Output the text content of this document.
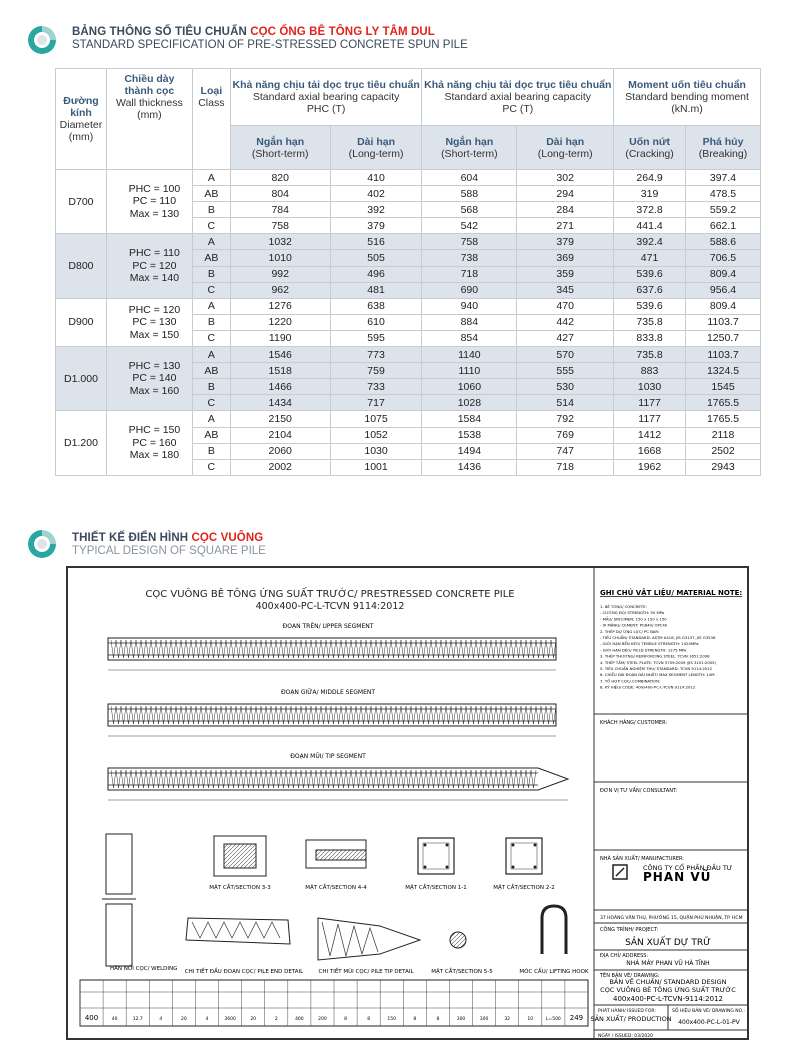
BẢNG THÔNG SỐ TIÊU CHUẨN CỌC ỐNG BÊ TÔNG LY TÂM DUL
STANDARD SPECIFICATION OF PRE-STRESSED CONCRETE SPUN PILE
Đường kính
Diameter
(mm)	Chiều dày
thành cọc
Wall thickness
(mm)	Loại
Class	Khả năng chịu tải dọc trục tiêu chuẩn
Standard axial bearing capacity
PHC (T)		Khả năng chịu tải dọc trục tiêu chuẩn
Standard axial bearing capacity
PC (T)		Moment uốn tiêu chuẩn
Standard bending moment
(kN.m)	
			Ngắn hạn
(Short-term)	Dài hạn
(Long-term)	Ngắn hạn
(Short-term)	Dài hạn
(Long-term)	Uốn nứt
(Cracking)	Phá hủy
(Breaking)
D700	PHC = 100
PC = 110
Max = 130	A	820	410	604	302	264.9	397.4
		AB	804	402	588	294	319	478.5
		B	784	392	568	284	372.8	559.2
		C	758	379	542	271	441.4	662.1
D800	PHC = 110
PC = 120
Max = 140	A	1032	516	758	379	392.4	588.6
		AB	1010	505	738	369	471	706.5
		B	992	496	718	359	539.6	809.4
		C	962	481	690	345	637.6	956.4
D900	PHC = 120
PC = 130
Max = 150	A	1276	638	940	470	539.6	809.4
		B	1220	610	884	442	735.8	1103.7
		C	1190	595	854	427	833.8	1250.7
D1.000	PHC = 130
PC = 140
Max = 160	A	1546	773	1140	570	735.8	1103.7
		AB	1518	759	1110	555	883	1324.5
		B	1466	733	1060	530	1030	1545
		C	1434	717	1028	514	1177	1765.5
D1.200	PHC = 150
PC = 160
Max = 180	A	2150	1075	1584	792	1177	1765.5
		AB	2104	1052	1538	769	1412	2118
		B	2060	1030	1494	747	1668	2502
		C	2002	1001	1436	718	1962	2943
THIẾT KẾ ĐIỂN HÌNH CỌC VUÔNG
TYPICAL DESIGN OF SQUARE PILE
CỌC VUÔNG BÊ TÔNG ỨNG SUẤT TRƯỚC/ PRESTRESSED CONCRETE PILE
400x400-PC-L-TCVN 9114:2012
ĐOẠN TRÊN/ UPPER SEGMENT
ĐOẠN GIỮA/ MIDDLE SEGMENT
ĐOẠN MŨI/ TIP SEGMENT
MẶT CẮT/SECTION 3-3	MẶT CẮT/SECTION 4-4	MẶT CẮT/SECTION 1-1	MẶT CẮT/SECTION 2-2
HÀN NỐI CỌC/ WELDING CHI TIẾT ĐẦU ĐOẠN CỌC/ PILE END DETAIL	CHI TIẾT MŨI CỌC/ PILE TIP DETAIL	MẶT CẮT/SECTION 5-5	MÓC CẨU/ LIFTING HOOK
400	40	12.7	4	20	4	3600	20	2	400	200	8	8	150	8	8	300	300	32	10	L=500 249
GHI CHÚ VẬT LIỆU/ MATERIAL NOTE:
1. BÊ TÔNG/ CONCRETE:
- CƯỜNG ĐỘ/ STRENGTH: 50 MPa
- MẪU/ SPECIMEN: 150 x 150 x 150
- XI MĂNG/ CEMENT: PCB40/ OPC40
2. THÉP DỰ ỨNG LỰC/ PC BAR:
- TIÊU CHUẨN/ STANDARD: ASTM A416, JIS G3137, JIS G3536
- GIỚI HẠN BỀN KÉO/ TENSILE STRENGTH: 1420MPa
- GIỚI HẠN DẺO/ YIELD STRENGTH: 1275 MPa
3. THÉP THƯỜNG/ REINFORCING STEEL: TCVN 1651:2008
4. THÉP TẤM/ STEEL PLATE: TCVN 5709:2009 (JIS 3101:2005)
5. TIÊU CHUẨN NGHIỆM THU/ STANDARD: TCVN 9114:2012
6. CHIỀU DÀI ĐOẠN DÀI NHẤT/ MAX SEGMENT LENGTH: 14M
7. TỔ HỢP CỌC/ COMBINATION:
8. KÝ HIỆU/ CODE: 400x400-PC-L-TCVN 9114:2012
KHÁCH HÀNG/ CUSTOMER:
ĐƠN VỊ TƯ VẤN/ CONSULTANT:
NHÀ SẢN XUẤT/ MANUFACTURER:
CÔNG TY CỔ PHẦN ĐẦU TƯ
PHAN VŨ
37 HOÀNG VĂN THỤ, PHƯỜNG 15, QUẬN PHÚ NHUẬN, TP. HCM
CÔNG TRÌNH/ PROJECT:
SẢN XUẤT DỰ TRỮ
ĐỊA CHỈ/ ADDRESS:
NHÀ MÁY PHAN VŨ HÀ TĨNH
TÊN BẢN VẼ/ DRAWING:
BẢN VẼ CHUẨN/ STANDARD DESIGN
CỌC VUÔNG BÊ TÔNG ỨNG SUẤT TRƯỚC
400x400-PC-L-TCVN-9114:2012
PHÁT HÀNH/ ISSUED FOR:
SẢN XUẤT/ PRODUCTION
SỐ HIỆU BẢN VẼ/ DRAWING NO.:
400x400-PC-L-01-PV
NGÀY / ISSUED: 03/2020
